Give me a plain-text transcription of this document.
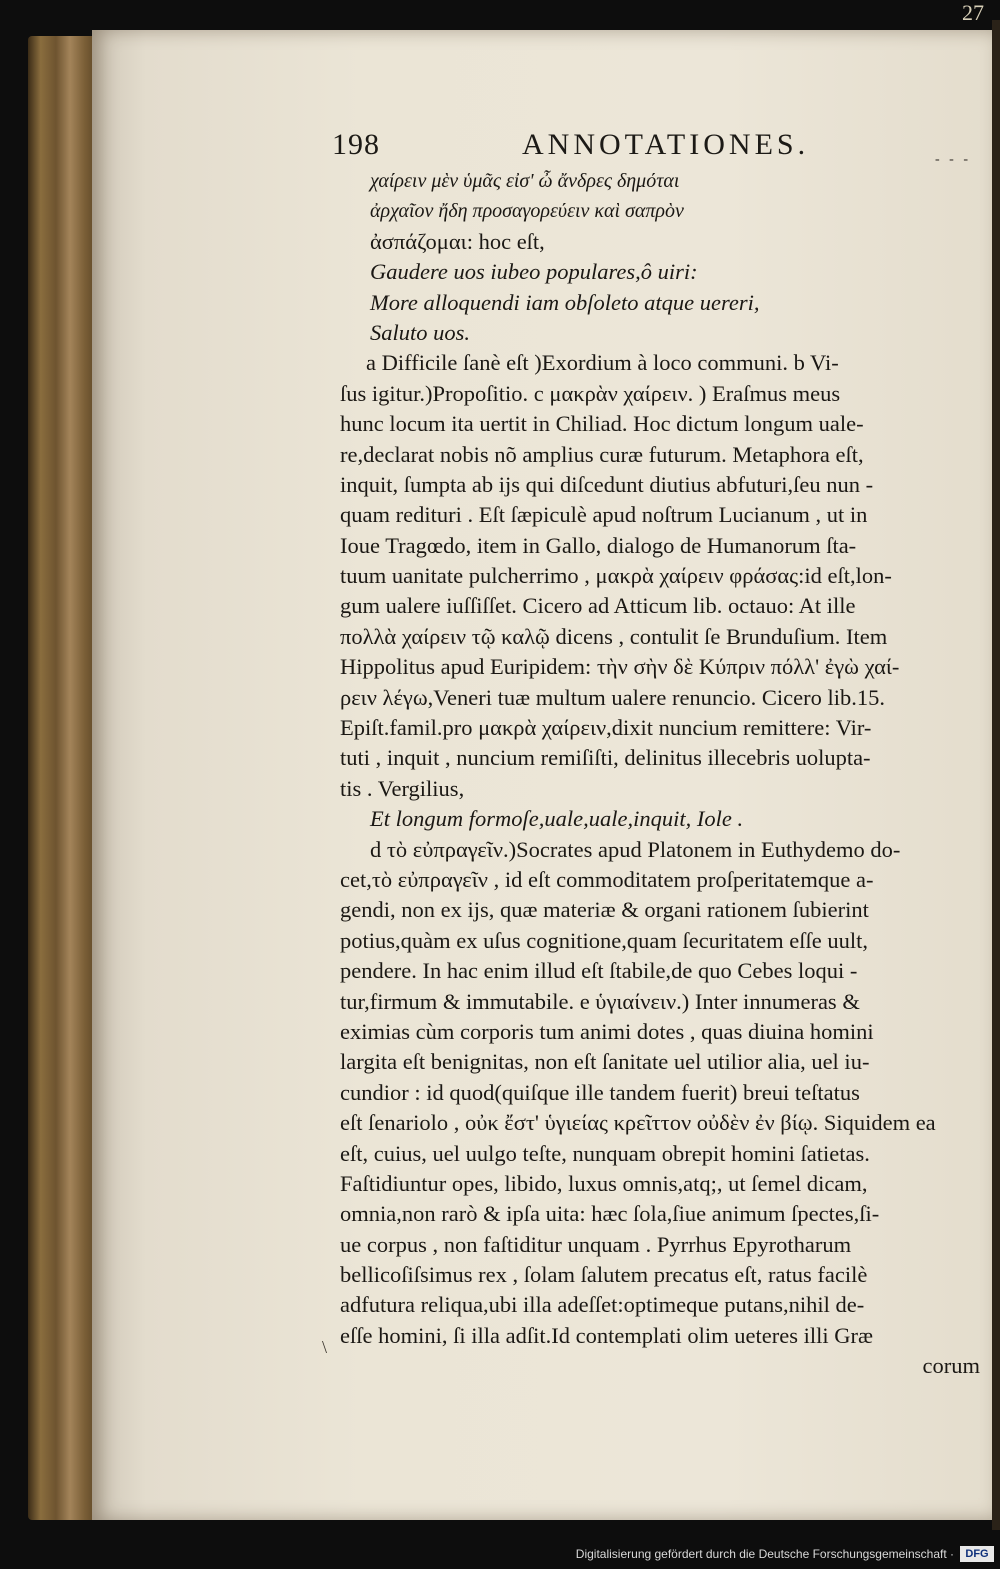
27
198	ANNOTATIONES.	- - -
χαίρειν μὲν ὑμᾶς εἰσ' ὦ ἄνδρες δημόται
ἀρχαῖον ἤδη προσαγορεύειν καὶ σαπρὸν
ἀσπάζομαι: hoc eſt,
Gaudere uos iubeo populares,ô uiri:
More alloquendi iam obſoleto atque uereri,
Saluto uos.
a Difficile ſanè eſt )Exordium à loco communi. b Vi-
ſus igitur.)Propoſitio. c μακρὰν χαίρειν. ) Eraſmus meus
hunc locum ita uertit in Chiliad. Hoc dictum longum uale-
re,declarat nobis nõ amplius curæ futurum. Metaphora eſt,
inquit, ſumpta ab ijs qui diſcedunt diutius abfuturi,ſeu nun -
quam redituri . Eſt ſæpiculè apud noſtrum Lucianum , ut in
Ioue Tragœdo, item in Gallo, dialogo de Humanorum ſta-
tuum uanitate pulcherrimo , μακρὰ χαίρειν φράσας:id eſt,lon-
gum ualere iuſſiſſet. Cicero ad Atticum lib. octauo: At ille
πολλὰ χαίρειν τῷ καλῷ dicens , contulit ſe Brunduſium. Item
Hippolitus apud Euripidem: τὴν σὴν δὲ Κύπριν πόλλ' ἐγὼ χαί-
ρειν λέγω,Veneri tuæ multum ualere renuncio. Cicero lib.15.
Epiſt.famil.pro μακρὰ χαίρειν,dixit nuncium remittere: Vir-
tuti , inquit , nuncium remiſiſti, delinitus illecebris uolupta-
tis . Vergilius,
Et longum formoſe,uale,uale,inquit, Iole .
d τὸ εὐπραγεῖν.)Socrates apud Platonem in Euthydemo do-
cet,τὸ εὐπραγεῖν , id eſt commoditatem proſperitatemque a-
gendi, non ex ijs, quæ materiæ & organi rationem ſubierint
potius,quàm ex uſus cognitione,quam ſecuritatem eſſe uult,
pendere. In hac enim illud eſt ſtabile,de quo Cebes loqui -
tur,firmum & immutabile. e ὑγιαίνειν.) Inter innumeras &
eximias cùm corporis tum animi dotes , quas diuina homini
largita eſt benignitas, non eſt ſanitate uel utilior alia, uel iu-
cundior : id quod(quiſque ille tandem fuerit) breui teſtatus
eſt ſenariolo , οὐκ ἔστ' ὑγιείας κρεῖττον οὐδὲν ἐν βίῳ. Siquidem ea
eſt, cuius, uel uulgo teſte, nunquam obrepit homini ſatietas.
Faſtidiuntur opes, libido, luxus omnis,atq;, ut ſemel dicam,
omnia,non rarò & ipſa uita: hæc ſola,ſiue animum ſpectes,ſi-
ue corpus , non faſtiditur unquam . Pyrrhus Epyrotharum
bellicoſiſsimus rex , ſolam ſalutem precatus eſt, ratus facilè
adfutura reliqua,ubi illa adeſſet:optimeque putans,nihil de-
eſſe homini, ſi illa adſit.Id contemplati olim ueteres illi Græ
corum
\
Digitalisierung gefördert durch die Deutsche Forschungsgemeinschaft ·	DFG
